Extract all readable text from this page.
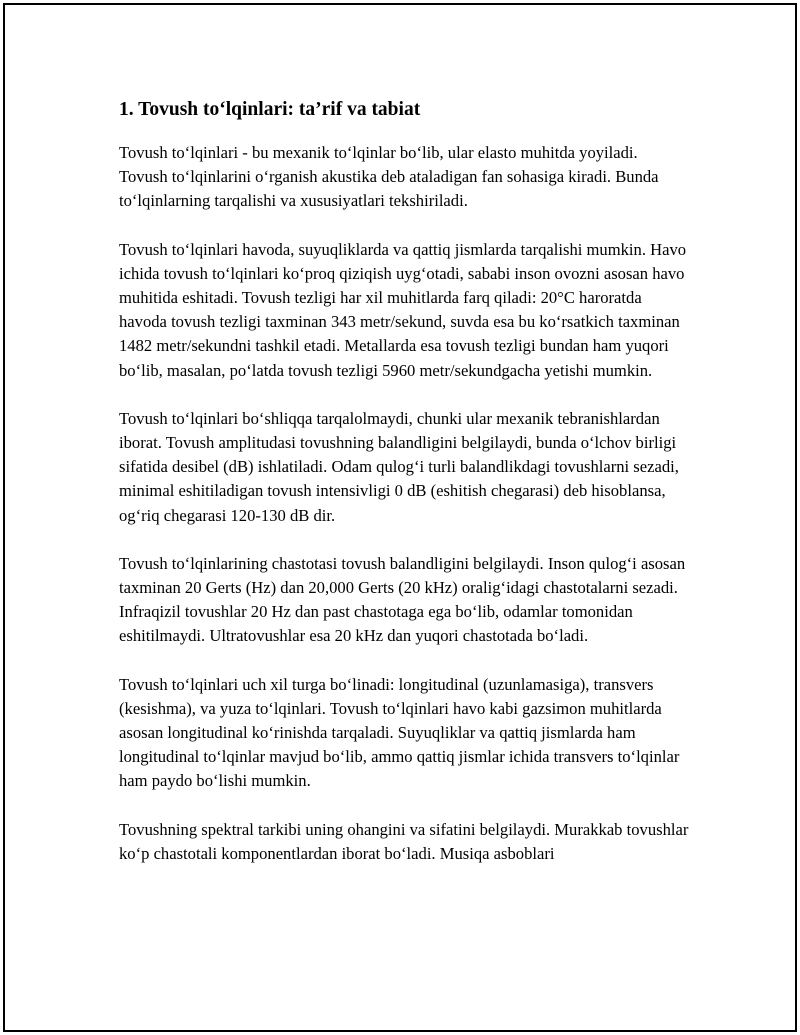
1. Tovush to‘lqinlari: ta’rif va tabiat

Tovush to‘lqinlari - bu mexanik to‘lqinlar bo‘lib, ular elasto muhitda yoyiladi. Tovush to‘lqinlarini o‘rganish akustika deb ataladigan fan sohasiga kiradi. Bunda to‘lqinlarning tarqalishi va xususiyatlari tekshiriladi.

Tovush to‘lqinlari havoda, suyuqliklarda va qattiq jismlarda tarqalishi mumkin. Havo ichida tovush to‘lqinlari ko‘proq qiziqish uyg‘otadi, sababi inson ovozni asosan havo muhitida eshitadi. Tovush tezligi har xil muhitlarda farq qiladi: 20°C haroratda havoda tovush tezligi taxminan 343 metr/sekund, suvda esa bu ko‘rsatkich taxminan 1482 metr/sekundni tashkil etadi. Metallarda esa tovush tezligi bundan ham yuqori bo‘lib, masalan, po‘latda tovush tezligi 5960 metr/sekundgacha yetishi mumkin.

Tovush to‘lqinlari bo‘shliqqa tarqalolmaydi, chunki ular mexanik tebranishlardan iborat. Tovush amplitudasi tovushning balandligini belgilaydi, bunda o‘lchov birligi sifatida desibel (dB) ishlatiladi. Odam qulog‘i turli balandlikdagi tovushlarni sezadi, minimal eshitiladigan tovush intensivligi 0 dB (eshitish chegarasi) deb hisoblansa, og‘riq chegarasi 120-130 dB dir.

Tovush to‘lqinlarining chastotasi tovush balandligini belgilaydi. Inson qulog‘i asosan taxminan 20 Gerts (Hz) dan 20,000 Gerts (20 kHz) oralig‘idagi chastotalarni sezadi. Infraqizil tovushlar 20 Hz dan past chastotaga ega bo‘lib, odamlar tomonidan eshitilmaydi. Ultratovushlar esa 20 kHz dan yuqori chastotada bo‘ladi.

Tovush to‘lqinlari uch xil turga bo‘linadi: longitudinal (uzunlamasiga), transvers (kesishma), va yuza to‘lqinlari. Tovush to‘lqinlari havo kabi gazsimon muhitlarda asosan longitudinal ko‘rinishda tarqaladi. Suyuqliklar va qattiq jismlarda ham longitudinal to‘lqinlar mavjud bo‘lib, ammo qattiq jismlar ichida transvers to‘lqinlar ham paydo bo‘lishi mumkin.

Tovushning spektral tarkibi uning ohangini va sifatini belgilaydi. Murakkab tovushlar ko‘p chastotali komponentlardan iborat bo‘ladi. Musiqa asboblari
